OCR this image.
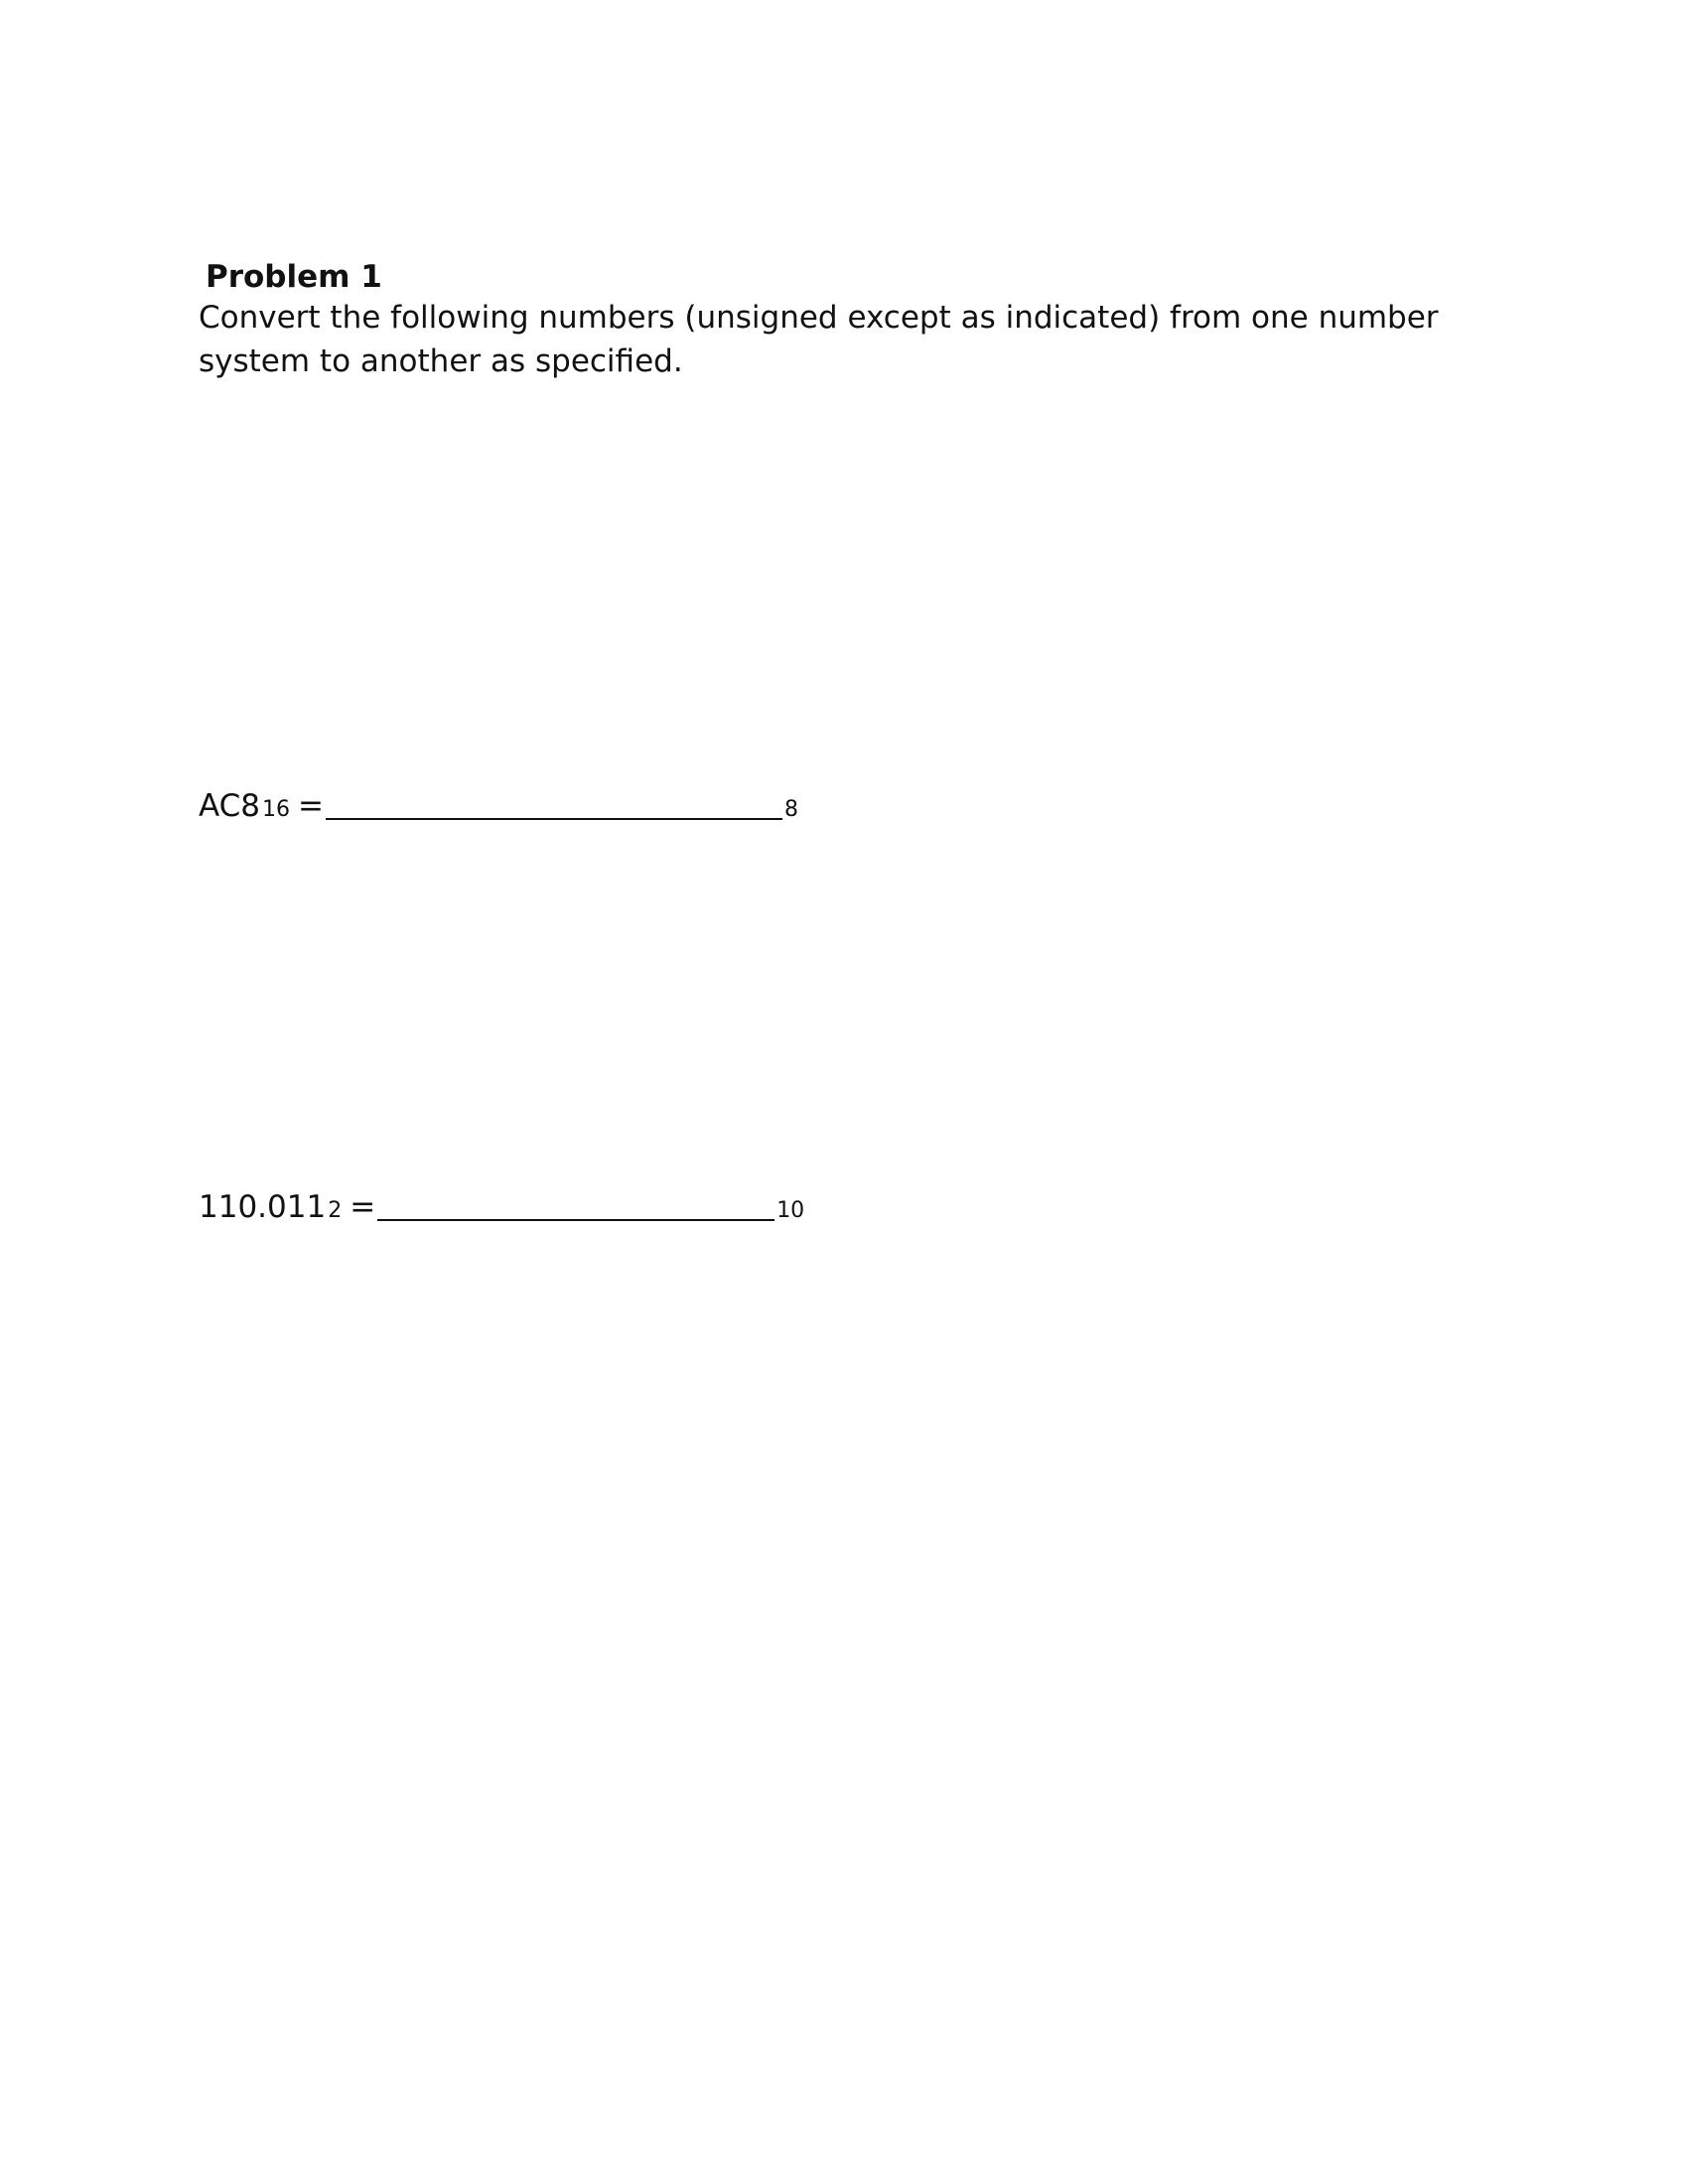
Problem 1

Convert the following numbers (unsigned except as indicated) from one number system to another as specified.

AC8 16 =	8
110.011 2 =	10
